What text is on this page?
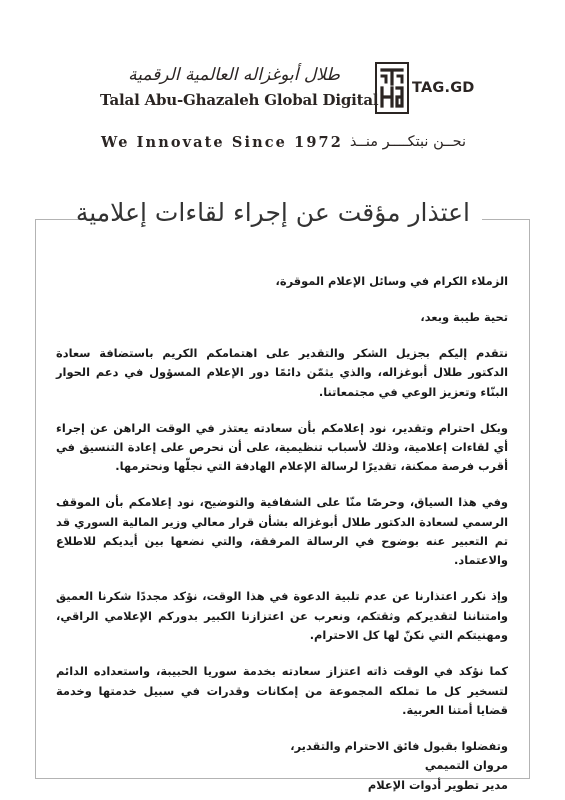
طلال أبوغزاله العالمية الرقمية
Talal Abu-Ghazaleh Global Digital
TAG.GD
We Innovate Since 1972 نحــن نبتكــــر منــذ
اعتذار مؤقت عن إجراء لقاءات إعلامية

الزملاء الكرام في وسائل الإعلام الموقرة،

تحية طيبة وبعد،

نتقدم إليكم بجزيل الشكر والتقدير على اهتمامكم الكريم باستضافة سعادة الدكتور طلال أبوغزاله، والذي يثمّن دائمًا دور الإعلام المسؤول في دعم الحوار البنّاء وتعزيز الوعي في مجتمعاتنا.

وبكل احترام وتقدير، نود إعلامكم بأن سعادته يعتذر في الوقت الراهن عن إجراء أي لقاءات إعلامية، وذلك لأسباب تنظيمية، على أن نحرص على إعادة التنسيق في أقرب فرصة ممكنة، تقديرًا لرسالة الإعلام الهادفة التي نجلّها ونحترمها.

وفي هذا السياق، وحرصًا منّا على الشفافية والتوضيح، نود إعلامكم بأن الموقف الرسمي لسعادة الدكتور طلال أبوغزاله بشأن قرار معالي وزير المالية السوري قد تم التعبير عنه بوضوح في الرسالة المرفقة، والتي نضعها بين أيديكم للاطلاع والاعتماد.

وإذ نكرر اعتذارنا عن عدم تلبية الدعوة في هذا الوقت، نؤكد مجددًا شكرنا العميق وامتناننا لتقديركم وثقتكم، ونعرب عن اعتزازنا الكبير بدوركم الإعلامي الراقي، ومهنيتكم التي نكنّ لها كل الاحترام.

كما نؤكد في الوقت ذاته اعتزاز سعادته بخدمة سوريا الحبيبة، واستعداده الدائم لتسخير كل ما تملكه المجموعة من إمكانات وقدرات في سبيل خدمتها وخدمة قضايا أمتنا العربية.

وتفضلوا بقبول فائق الاحترام والتقدير،

مروان التميمي

مدير تطوير أدوات الإعلام
